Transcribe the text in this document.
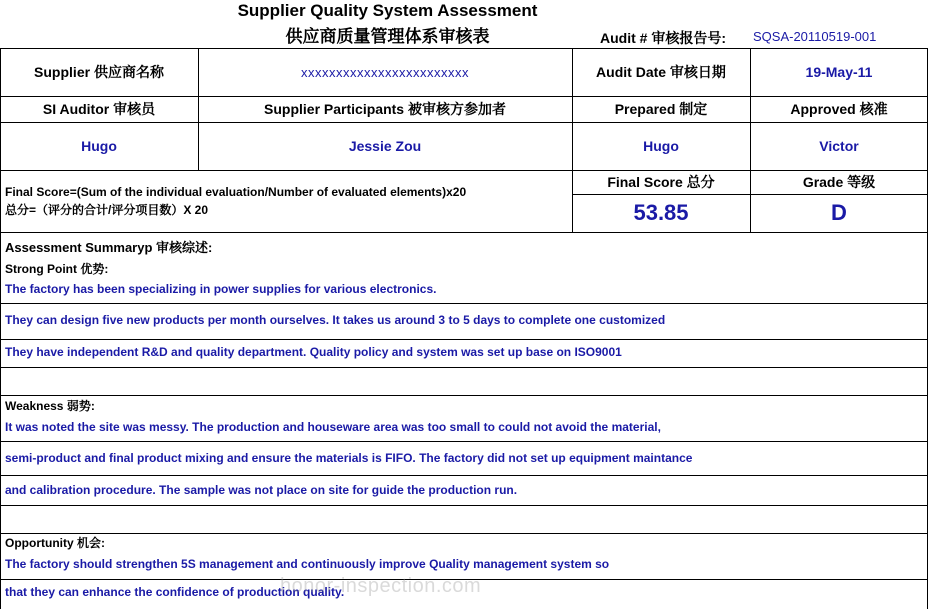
Supplier Quality System Assessment
供应商质量管理体系审核表	Audit # 审核报告号: SQSA-20110519-001
Supplier 供应商名称	xxxxxxxxxxxxxxxxxxxxxxxx	Audit Date 审核日期	19-May-11
SI Auditor 审核员	Supplier Participants 被审核方参加者	Prepared 制定	Approved 核准
Hugo	Jessie Zou	Hugo	Victor
Final Score=(Sum of the individual evaluation/Number of evaluated elements)x20
总分=（评分的合计/评分项目数）X 20
Final Score 总分	Grade 等级
53.85	D
Assessment Summaryp 审核综述:
Strong Point 优势:
The factory has been specializing in power supplies for various electronics.
They can design five new products per month ourselves. It takes us around 3 to 5 days to complete one customized
They have independent R&D and quality department. Quality policy and system was set up base on ISO9001
Weakness 弱势:
It was noted the site was messy. The production and houseware area was too small to could not avoid the material,
semi-product and final product mixing and ensure the materials is FIFO. The factory did not set up equipment maintance
and calibration procedure. The sample was not place on site for guide the production run.
Opportunity 机会:
The factory should strengthen 5S management and continuously improve Quality management system so
that they can enhance the confidence of production quality.
honor-inspection.com
